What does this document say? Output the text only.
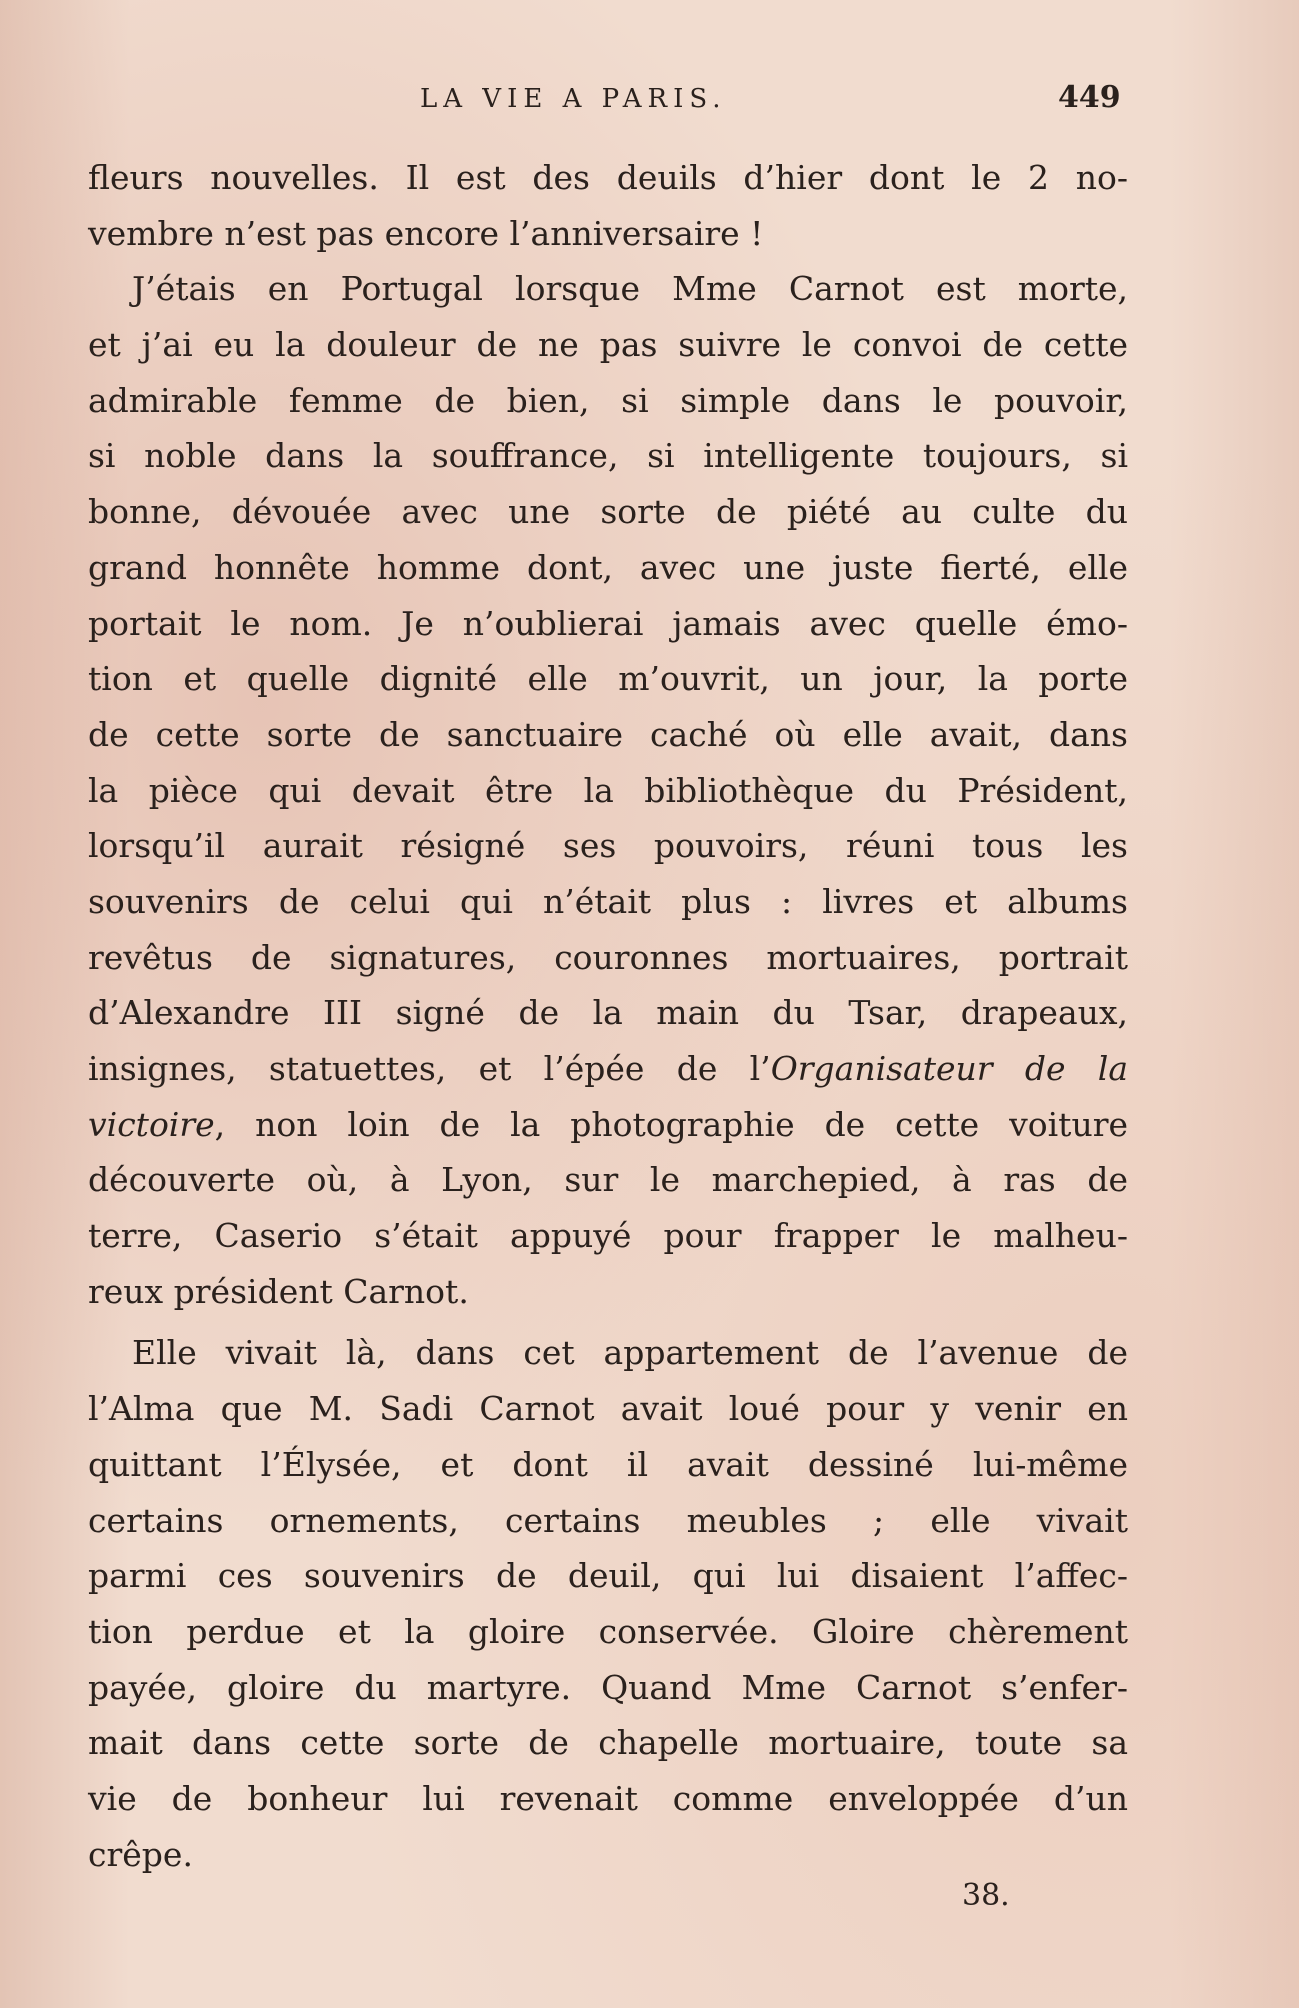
LA VIE A PARIS.	449
fleurs nouvelles. Il est des deuils d’hier dont le 2 no-
vembre n’est pas encore l’anniversaire !
J’étais en Portugal lorsque Mme Carnot est morte,
et j’ai eu la douleur de ne pas suivre le convoi de cette
admirable femme de bien, si simple dans le pouvoir,
si noble dans la souffrance, si intelligente toujours, si
bonne, dévouée avec une sorte de piété au culte du
grand honnête homme dont, avec une juste fierté, elle
portait le nom. Je n’oublierai jamais avec quelle émo-
tion et quelle dignité elle m’ouvrit, un jour, la porte
de cette sorte de sanctuaire caché où elle avait, dans
la pièce qui devait être la bibliothèque du Président,
lorsqu’il aurait résigné ses pouvoirs, réuni tous les
souvenirs de celui qui n’était plus : livres et albums
revêtus de signatures, couronnes mortuaires, portrait
d’Alexandre III signé de la main du Tsar, drapeaux,
insignes, statuettes, et l’épée de l’Organisateur de la
victoire, non loin de la photographie de cette voiture
découverte où, à Lyon, sur le marchepied, à ras de
terre, Caserio s’était appuyé pour frapper le malheu-
reux président Carnot.
Elle vivait là, dans cet appartement de l’avenue de
l’Alma que M. Sadi Carnot avait loué pour y venir en
quittant l’Élysée, et dont il avait dessiné lui-même
certains ornements, certains meubles ; elle vivait
parmi ces souvenirs de deuil, qui lui disaient l’affec-
tion perdue et la gloire conservée. Gloire chèrement
payée, gloire du martyre. Quand Mme Carnot s’enfer-
mait dans cette sorte de chapelle mortuaire, toute sa
vie de bonheur lui revenait comme enveloppée d’un
crêpe.
38.
